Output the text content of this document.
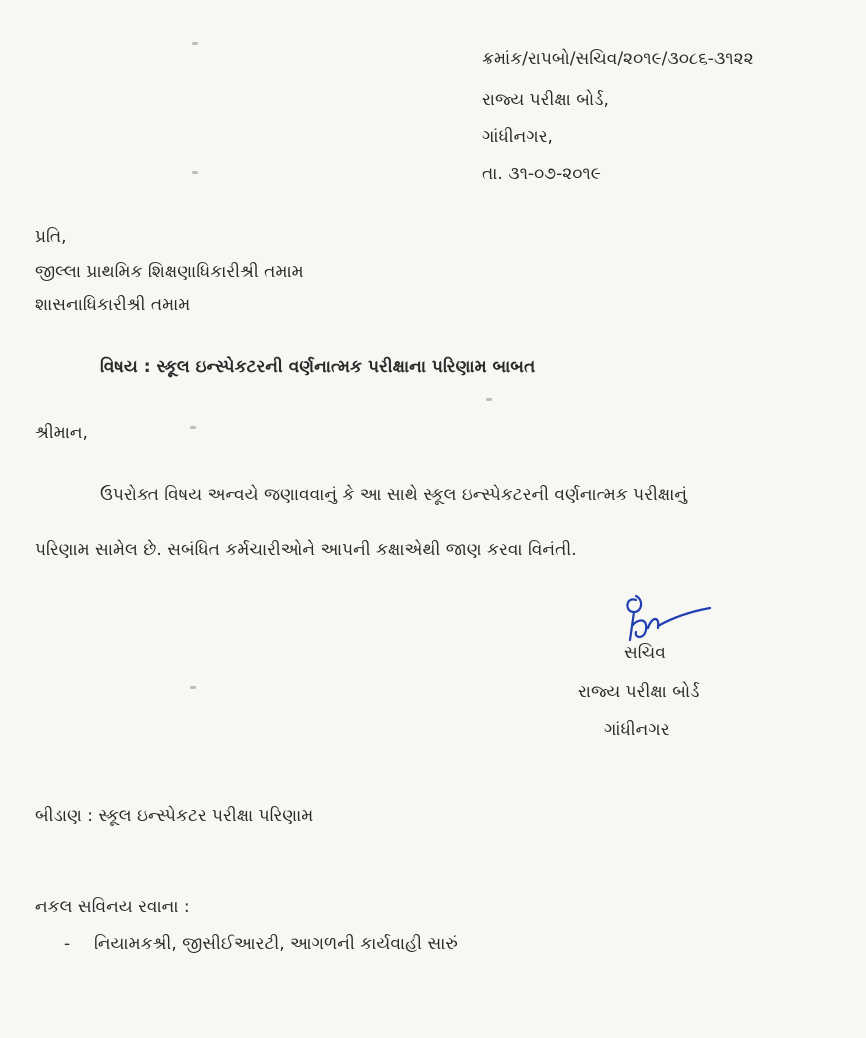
ક્રમાંક/રાપબો/સચિવ/૨૦૧૯/૩૦૮૬-૩૧૨૨
રાજ્ય પરીક્ષા બોર્ડ,
ગાંધીનગર,
તા. ૩૧-૦૭-૨૦૧૯
પ્રતિ,
જીલ્લા પ્રાથમિક શિક્ષણાધિકારીશ્રી તમામ
શાસનાધિકારીશ્રી તમામ
વિષય : સ્કૂલ ઇન્સ્પેકટરની વર્ણનાત્મક પરીક્ષાના પરિણામ બાબત
શ્રીમાન,
ઉપરોક્ત વિષય અન્વયે જણાવવાનું કે આ સાથે સ્કૂલ ઇન્સ્પેકટરની વર્ણનાત્મક પરીક્ષાનું
પરિણામ સામેલ છે. સબંધિત કર્મચારીઓને આપની કક્ષાએથી જાણ કરવા વિનંતી.
સચિવ
રાજ્ય પરીક્ષા બોર્ડ
ગાંધીનગર
બીડાણ : સ્કૂલ ઇન્સ્પેકટર પરીક્ષા પરિણામ
નકલ સવિનય રવાના :
- નિયામકશ્રી, જીસીઈઆરટી, આગળની કાર્યવાહી સારું
